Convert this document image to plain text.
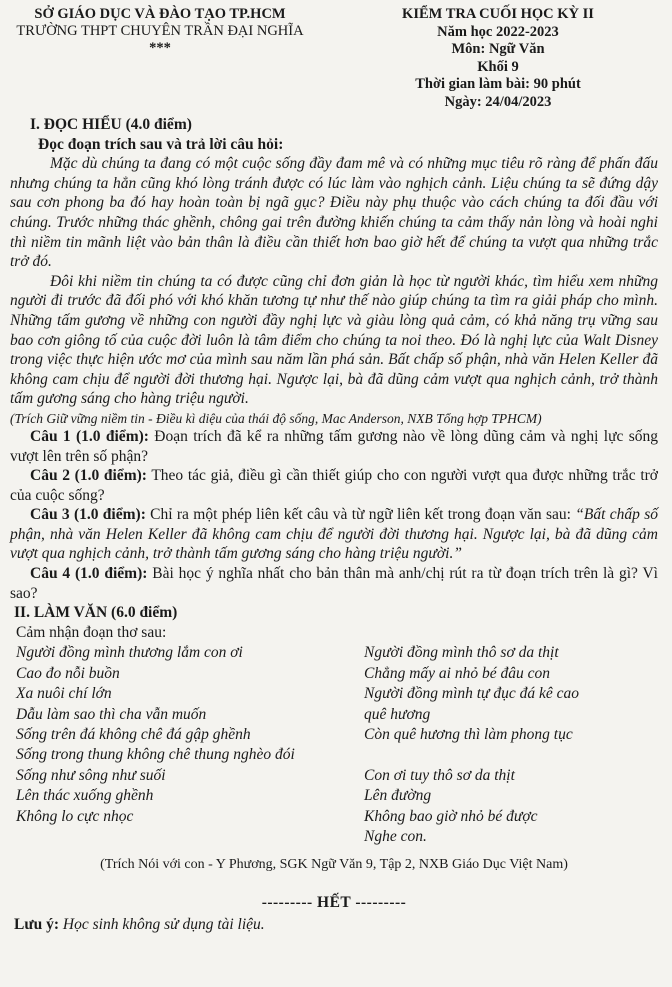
SỞ GIÁO DỤC VÀ ĐÀO TẠO TP.HCM
TRƯỜNG THPT CHUYÊN TRẦN ĐẠI NGHĨA
***
KIỂM TRA CUỐI HỌC KỲ II
Năm học 2022-2023
Môn: Ngữ Văn
Khối 9
Thời gian làm bài: 90 phút
Ngày: 24/04/2023
I. ĐỌC HIỂU (4.0 điểm)
Đọc đoạn trích sau và trả lời câu hỏi:

Mặc dù chúng ta đang có một cuộc sống đầy đam mê và có những mục tiêu rõ ràng để phấn đấu nhưng chúng ta hẳn cũng khó lòng tránh được có lúc làm vào nghịch cảnh. Liệu chúng ta sẽ đứng dậy sau cơn phong ba đó hay hoàn toàn bị ngã gục? Điều này phụ thuộc vào cách chúng ta đối đầu với chúng. Trước những thác ghềnh, chông gai trên đường khiến chúng ta cảm thấy nản lòng và hoài nghi thì niềm tin mãnh liệt vào bản thân là điều cần thiết hơn bao giờ hết để chúng ta vượt qua những trắc trở đó.

Đôi khi niềm tin chúng ta có được cũng chỉ đơn giản là học từ người khác, tìm hiểu xem những người đi trước đã đối phó với khó khăn tương tự như thế nào giúp chúng ta tìm ra giải pháp cho mình. Những tấm gương về những con người đầy nghị lực và giàu lòng quả cảm, có khả năng trụ vững sau bao cơn giông tố của cuộc đời luôn là tâm điểm cho chúng ta noi theo. Đó là nghị lực của Walt Disney trong việc thực hiện ước mơ của mình sau năm lần phá sản. Bất chấp số phận, nhà văn Helen Keller đã không cam chịu để người đời thương hại. Ngược lại, bà đã dũng cảm vượt qua nghịch cảnh, trở thành tấm gương sáng cho hàng triệu người.

(Trích Giữ vững niềm tin - Điều kì diệu của thái độ sống, Mac Anderson, NXB Tổng hợp TPHCM)

Câu 1 (1.0 điểm): Đoạn trích đã kể ra những tấm gương nào về lòng dũng cảm và nghị lực sống vượt lên trên số phận?

Câu 2 (1.0 điểm): Theo tác giả, điều gì cần thiết giúp cho con người vượt qua được những trắc trở của cuộc sống?

Câu 3 (1.0 điểm): Chỉ ra một phép liên kết câu và từ ngữ liên kết trong đoạn văn sau: “Bất chấp số phận, nhà văn Helen Keller đã không cam chịu để người đời thương hại. Ngược lại, bà đã dũng cảm vượt qua nghịch cảnh, trở thành tấm gương sáng cho hàng triệu người.”

Câu 4 (1.0 điểm): Bài học ý nghĩa nhất cho bản thân mà anh/chị rút ra từ đoạn trích trên là gì? Vì sao?

II. LÀM VĂN (6.0 điểm)
Cảm nhận đoạn thơ sau:
Người đồng mình thương lắm con ơi
Cao đo nỗi buồn
Xa nuôi chí lớn
Dẫu làm sao thì cha vẫn muốn
Sống trên đá không chê đá gập ghềnh
Sống trong thung không chê thung nghèo đói
Sống như sông như suối
Lên thác xuống ghềnh
Không lo cực nhọc
Người đồng mình thô sơ da thịt
Chẳng mấy ai nhỏ bé đâu con
Người đồng mình tự đục đá kê cao
quê hương
Còn quê hương thì làm phong tục
Con ơi tuy thô sơ da thịt
Lên đường
Không bao giờ nhỏ bé được
Nghe con.
(Trích Nói với con - Y Phương, SGK Ngữ Văn 9, Tập 2, NXB Giáo Dục Việt Nam)
--------- HẾT ---------
Lưu ý: Học sinh không sử dụng tài liệu.
